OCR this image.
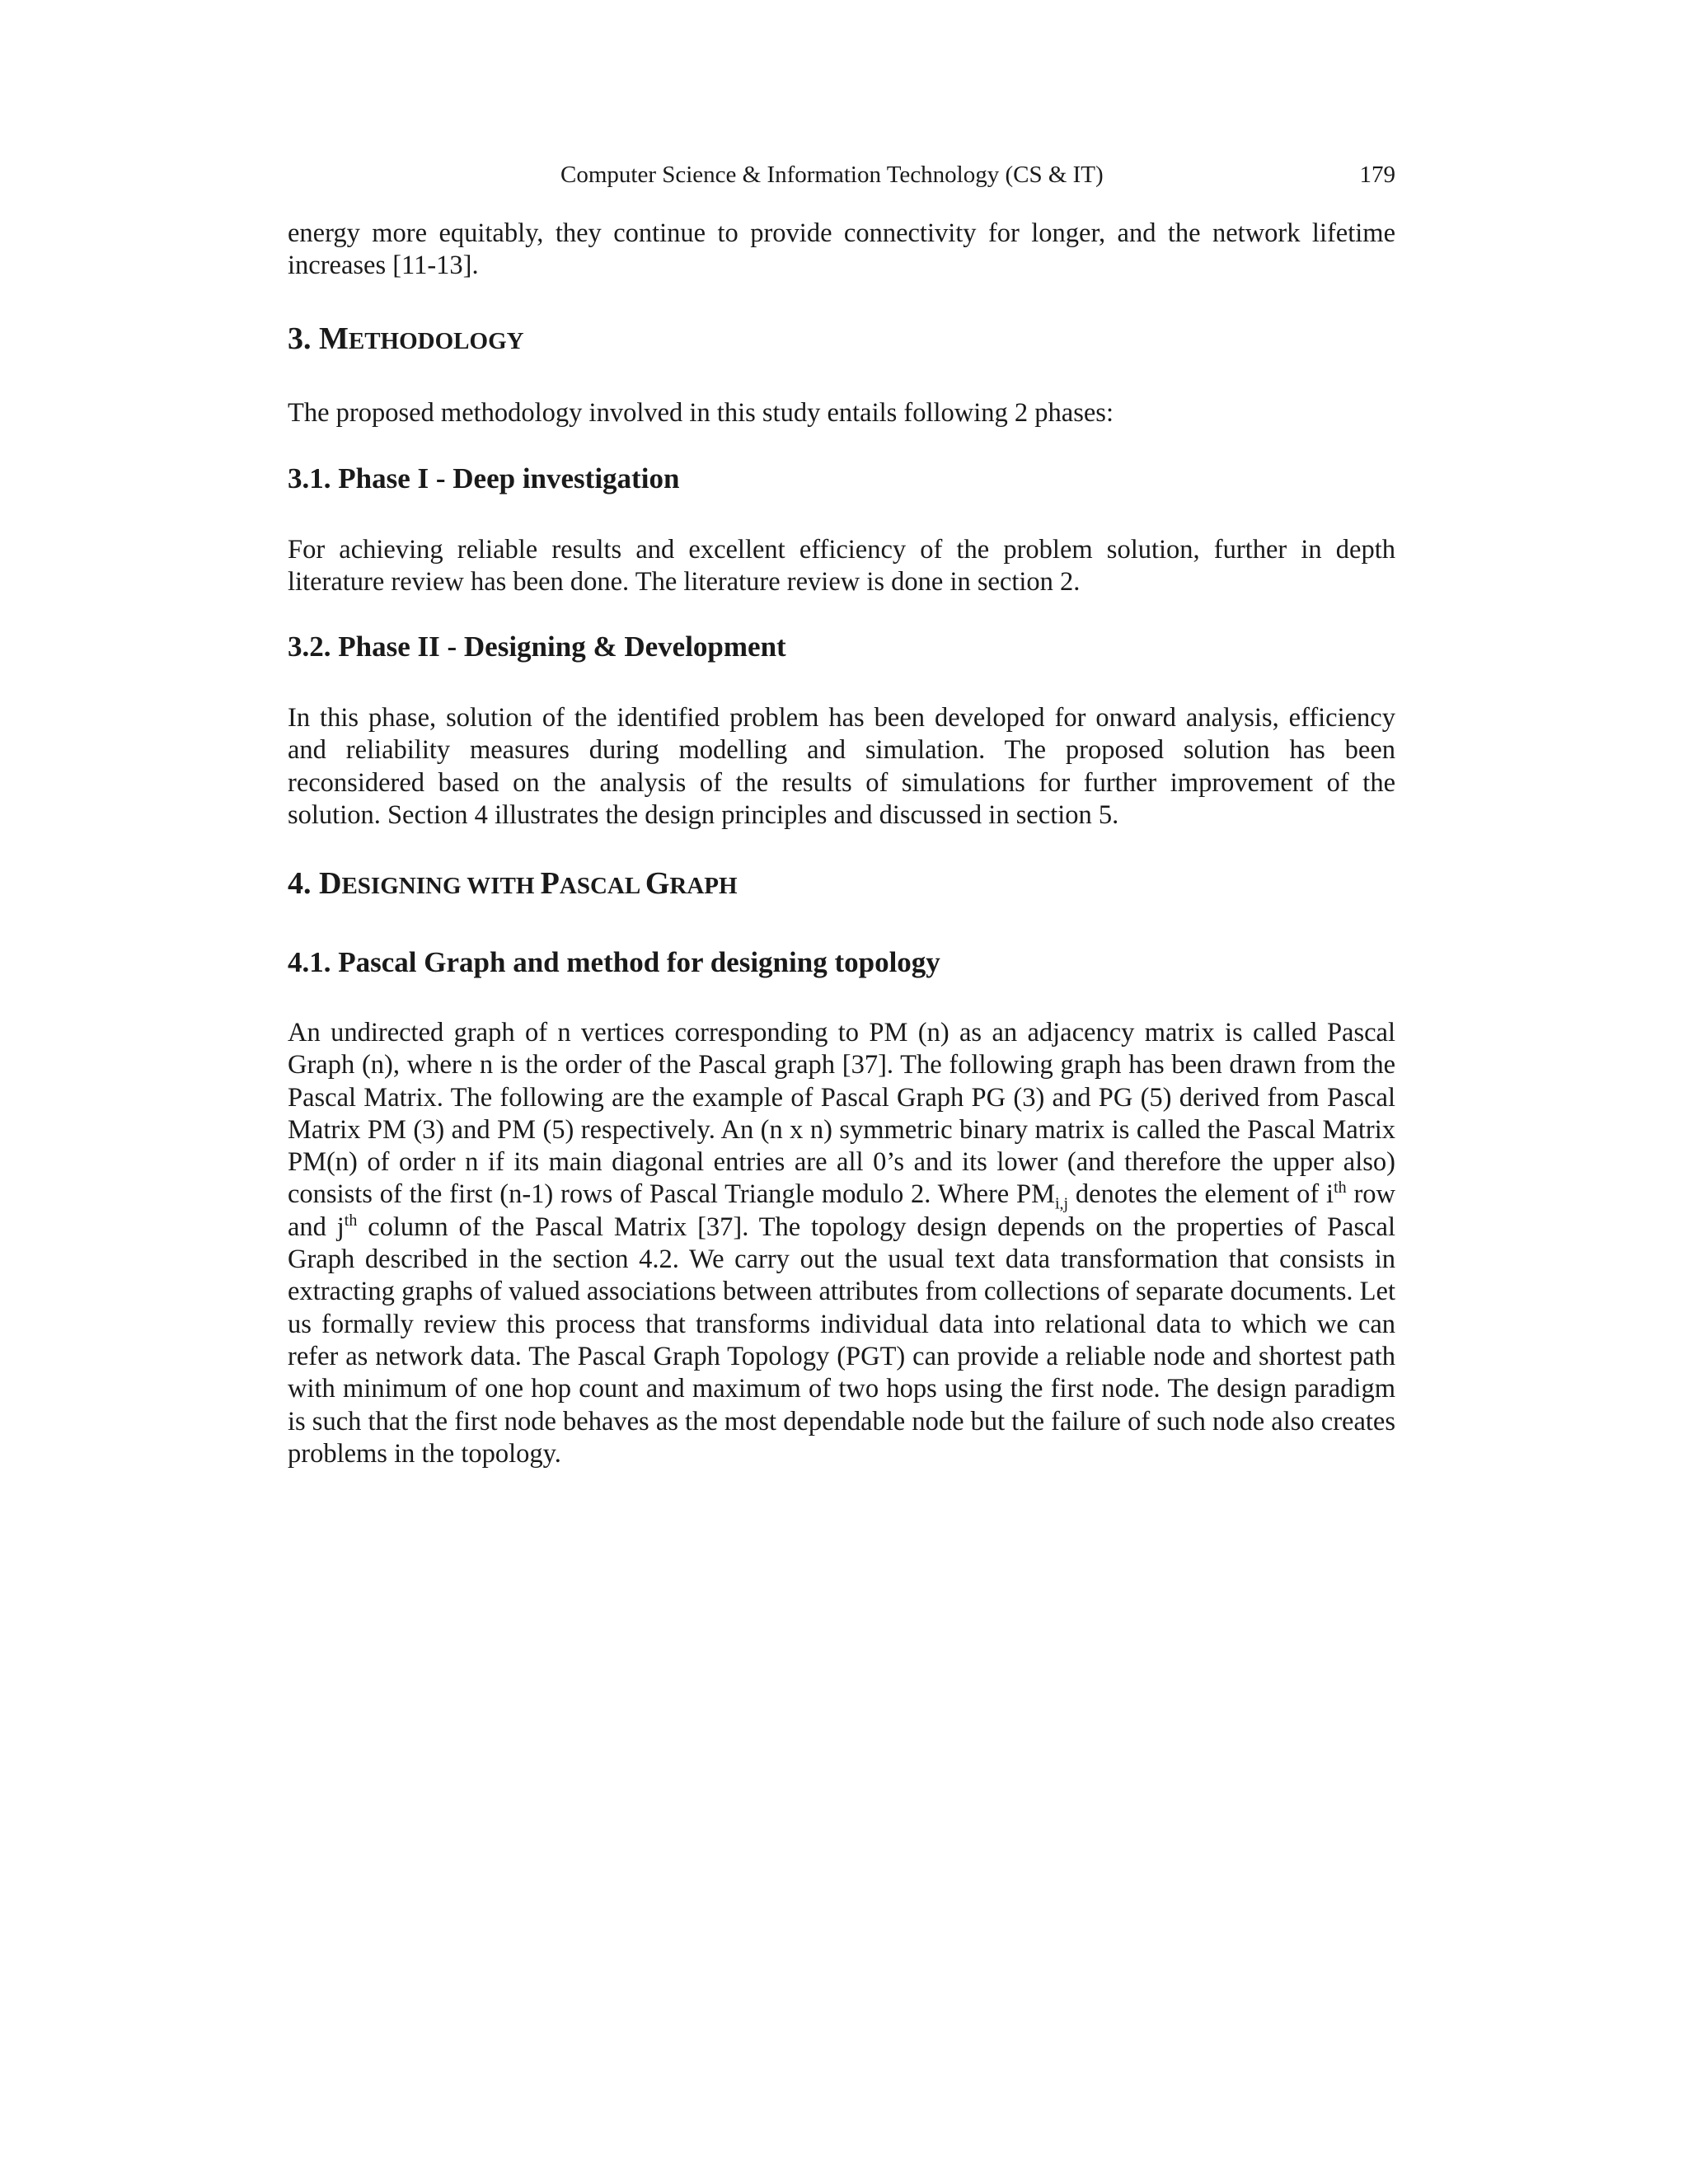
Computer Science & Information Technology (CS & IT)	179

energy more equitably, they continue to provide connectivity for longer, and the network lifetime increases [11-13].

3. METHODOLOGY

The proposed methodology involved in this study entails following 2 phases:

3.1. Phase I - Deep investigation

For achieving reliable results and excellent efficiency of the problem solution, further in depth literature review has been done. The literature review is done in section 2.

3.2. Phase II - Designing & Development

In this phase, solution of the identified problem has been developed for onward analysis, efficiency and reliability measures during modelling and simulation. The proposed solution has been reconsidered based on the analysis of the results of simulations for further improvement of the solution. Section 4 illustrates the design principles and discussed in section 5.

4. DESIGNING WITH PASCAL GRAPH
4.1. Pascal Graph and method for designing topology

An undirected graph of n vertices corresponding to PM (n) as an adjacency matrix is called Pascal Graph (n), where n is the order of the Pascal graph [37]. The following graph has been drawn from the Pascal Matrix. The following are the example of Pascal Graph PG (3) and PG (5) derived from Pascal Matrix PM (3) and PM (5) respectively. An (n x n) symmetric binary matrix is called the Pascal Matrix PM(n) of order n if its main diagonal entries are all 0’s and its lower (and therefore the upper also) consists of the first (n-1) rows of Pascal Triangle modulo 2. Where $PM_{i,j}$ denotes the element of $i^{th}$ row and $j^{th}$ column of the Pascal Matrix [37]. The topology design depends on the properties of Pascal Graph described in the section 4.2. We carry out the usual text data transformation that consists in extracting graphs of valued associations between attributes from collections of separate documents. Let us formally review this process that transforms individual data into relational data to which we can refer as network data. The Pascal Graph Topology (PGT) can provide a reliable node and shortest path with minimum of one hop count and maximum of two hops using the first node. The design paradigm is such that the first node behaves as the most dependable node but the failure of such node also creates problems in the topology.
